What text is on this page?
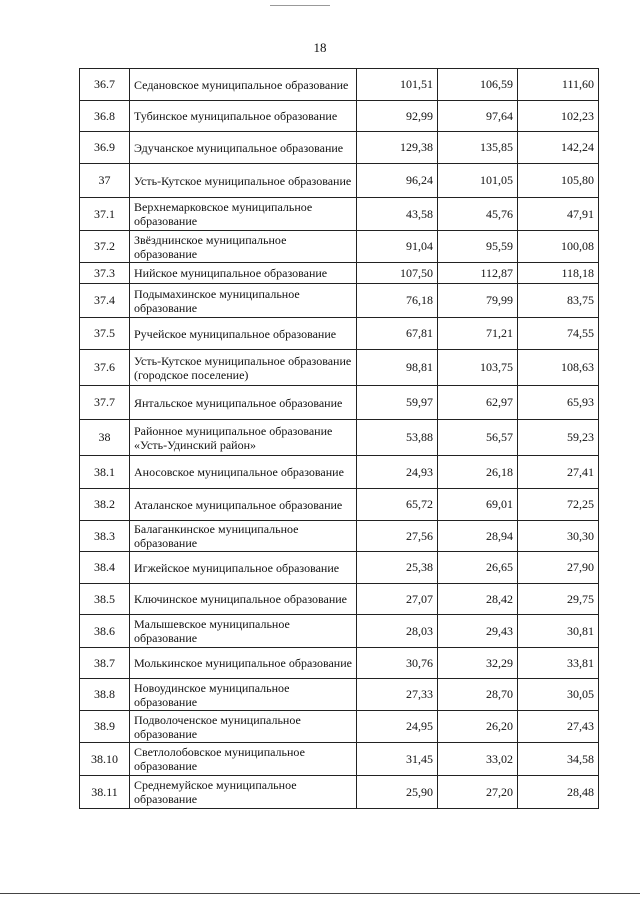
18
36.7	Седановское муниципальное образование	101,51	106,59	111,60
36.8	Тубинское муниципальное образование	92,99	97,64	102,23
36.9	Эдучанское муниципальное образование	129,38	135,85	142,24
37	Усть-Кутское муниципальное образование	96,24	101,05	105,80
37.1	Верхнемарковское муниципальное образование	43,58	45,76	47,91
37.2	Звёзднинское муниципальное образование	91,04	95,59	100,08
37.3	Нийское муниципальное образование	107,50	112,87	118,18
37.4	Подымахинское муниципальное образование	76,18	79,99	83,75
37.5	Ручейское муниципальное образование	67,81	71,21	74,55
37.6	Усть-Кутское муниципальное образование (городское поселение)	98,81	103,75	108,63
37.7	Янтальское муниципальное образование	59,97	62,97	65,93
38	Районное муниципальное образование «Усть-Удинский район»	53,88	56,57	59,23
38.1	Аносовское муниципальное образование	24,93	26,18	27,41
38.2	Аталанское муниципальное образование	65,72	69,01	72,25
38.3	Балаганкинское муниципальное образование	27,56	28,94	30,30
38.4	Игжейское муниципальное образование	25,38	26,65	27,90
38.5	Ключинское муниципальное образование	27,07	28,42	29,75
38.6	Малышевское муниципальное образование	28,03	29,43	30,81
38.7	Молькинское муниципальное образование	30,76	32,29	33,81
38.8	Новоудинское муниципальное образование	27,33	28,70	30,05
38.9	Подволоченское муниципальное образование	24,95	26,20	27,43
38.10	Светлолобовское муниципальное образование	31,45	33,02	34,58
38.11	Среднемуйское муниципальное образование	25,90	27,20	28,48
